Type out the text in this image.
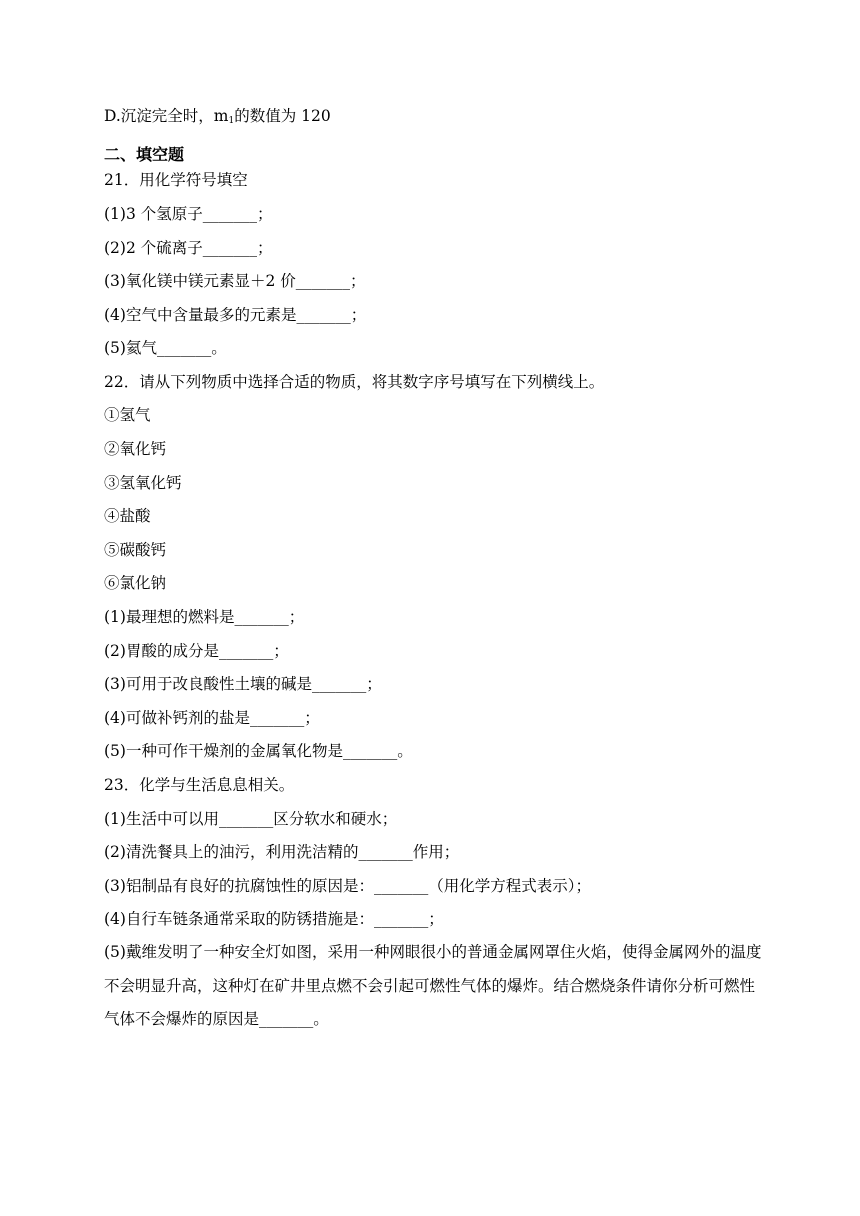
D.沉淀完全时，$m_1$的数值为 120
二、填空题
21．用化学符号填空
(1)3 个氢原子_______；
(2)2 个硫离子_______；
(3)氧化镁中镁元素显＋2 价_______；
(4)空气中含量最多的元素是_______；
(5)氦气_______。
22．请从下列物质中选择合适的物质，将其数字序号填写在下列横线上。
①氢气
②氧化钙
③氢氧化钙
④盐酸
⑤碳酸钙
⑥氯化钠
(1)最理想的燃料是_______；
(2)胃酸的成分是_______；
(3)可用于改良酸性土壤的碱是_______；
(4)可做补钙剂的盐是_______；
(5)一种可作干燥剂的金属氧化物是_______。
23．化学与生活息息相关。
(1)生活中可以用_______区分软水和硬水；
(2)清洗餐具上的油污，利用洗洁精的_______作用；
(3)铝制品有良好的抗腐蚀性的原因是：_______（用化学方程式表示）；
(4)自行车链条通常采取的防锈措施是：_______；
(5)戴维发明了一种安全灯如图，采用一种网眼很小的普通金属网罩住火焰，使得金属网外的温度不会明显升高，这种灯在矿井里点燃不会引起可燃性气体的爆炸。结合燃烧条件请你分析可燃性气体不会爆炸的原因是_______。
